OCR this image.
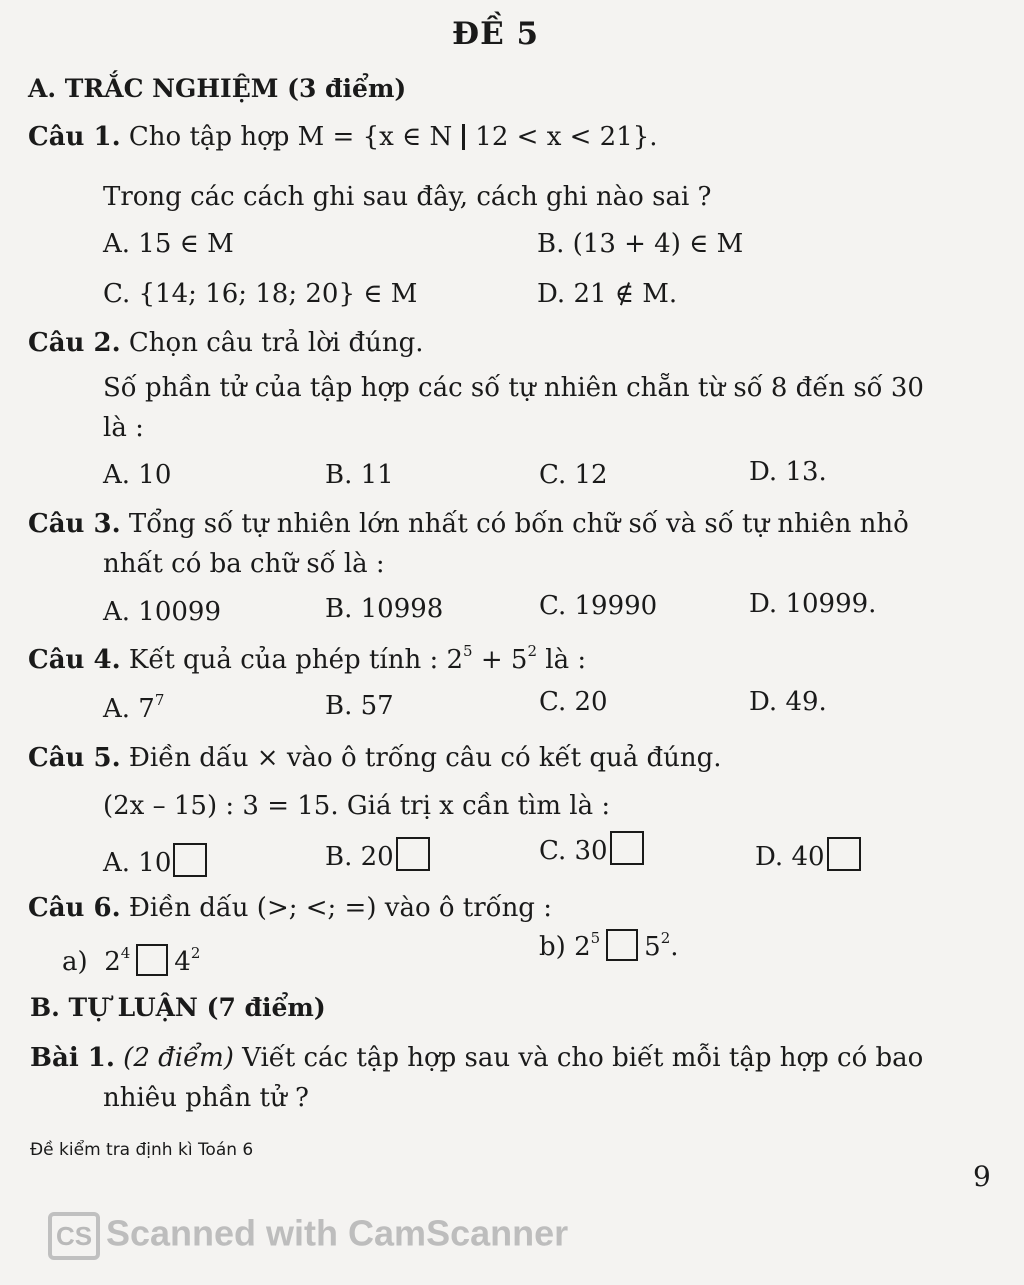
ĐỀ 5
A. TRẮC NGHIỆM (3 điểm)
Câu 1. Cho tập hợp M = {x ∈ N 12 < x < 21}.
Trong các cách ghi sau đây, cách ghi nào sai ?
A. 15 ∈ M	B. (13 + 4) ∈ M
C. {14; 16; 18; 20} ∈ M	D. 21 ∉ M.
Câu 2. Chọn câu trả lời đúng.
Số phần tử của tập hợp các số tự nhiên chẵn từ số 8 đến số 30
là :
A. 10	B. 11	C. 12	D. 13.
Câu 3. Tổng số tự nhiên lớn nhất có bốn chữ số và số tự nhiên nhỏ
nhất có ba chữ số là :
A. 10099	B. 10998	C. 19990	D. 10999.
Câu 4. Kết quả của phép tính : $2^5 + 5^2$ là :
A. $7^7$	B. 57	C. 20	D. 49.
Câu 5. Điền dấu × vào ô trống câu có kết quả đúng.
(2x – 15) : 3 = 15. Giá trị x cần tìm là :
A. 10	B. 20	C. 30	D. 40
Câu 6. Điền dấu (>; <; =) vào ô trống :
a) $2^4$ $4^2$	b) $2^5$ $5^2$.
B. TỰ LUẬN (7 điểm)
Bài 1. (2 điểm) Viết các tập hợp sau và cho biết mỗi tập hợp có bao
nhiêu phần tử ?
Đề kiểm tra định kì Toán 6
9
CS Scanned with CamScanner
